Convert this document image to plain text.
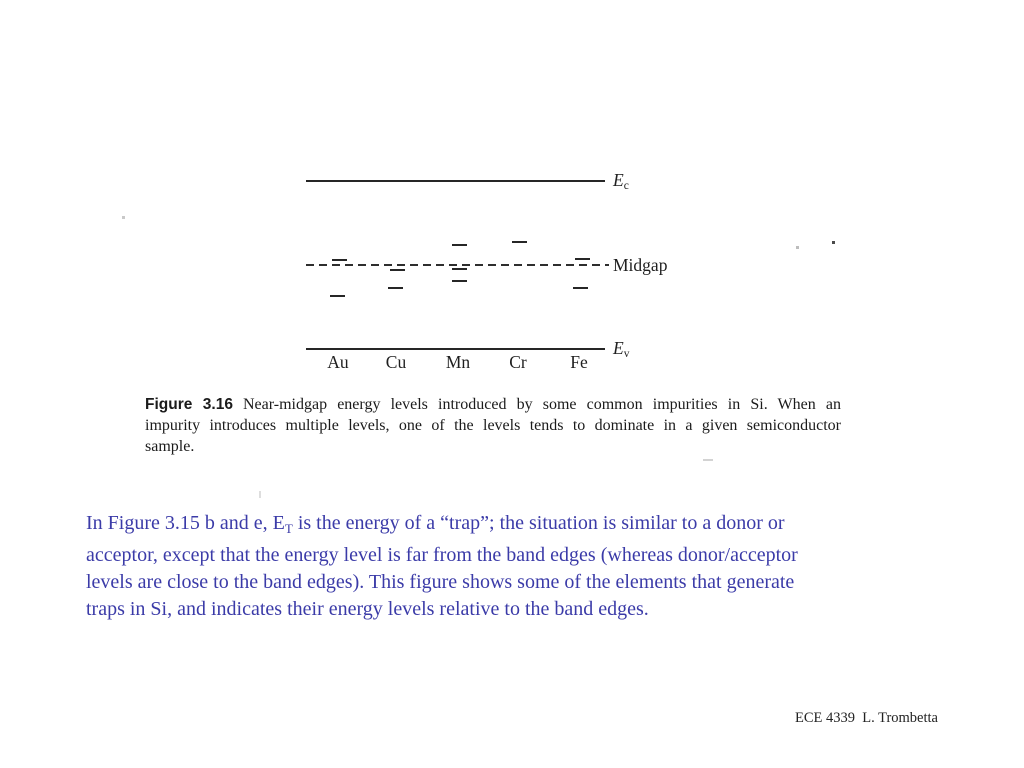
$E_c$
Midgap
$E_v$
Au	Cu	Mn	Cr	Fe
Figure 3.16 Near-midgap energy levels introduced by some common impurities in Si. When an
impurity introduces multiple levels, one of the levels tends to dominate in a given semiconductor
sample.
In Figure 3.15 b and e, $E_T$ is the energy of a “trap”; the situation is similar to a donor or
acceptor, except that the energy level is far from the band edges (whereas donor/acceptor
levels are close to the band edges). This figure shows some of the elements that generate
traps in Si, and indicates their energy levels relative to the band edges.
ECE 4339  L. Trombetta
